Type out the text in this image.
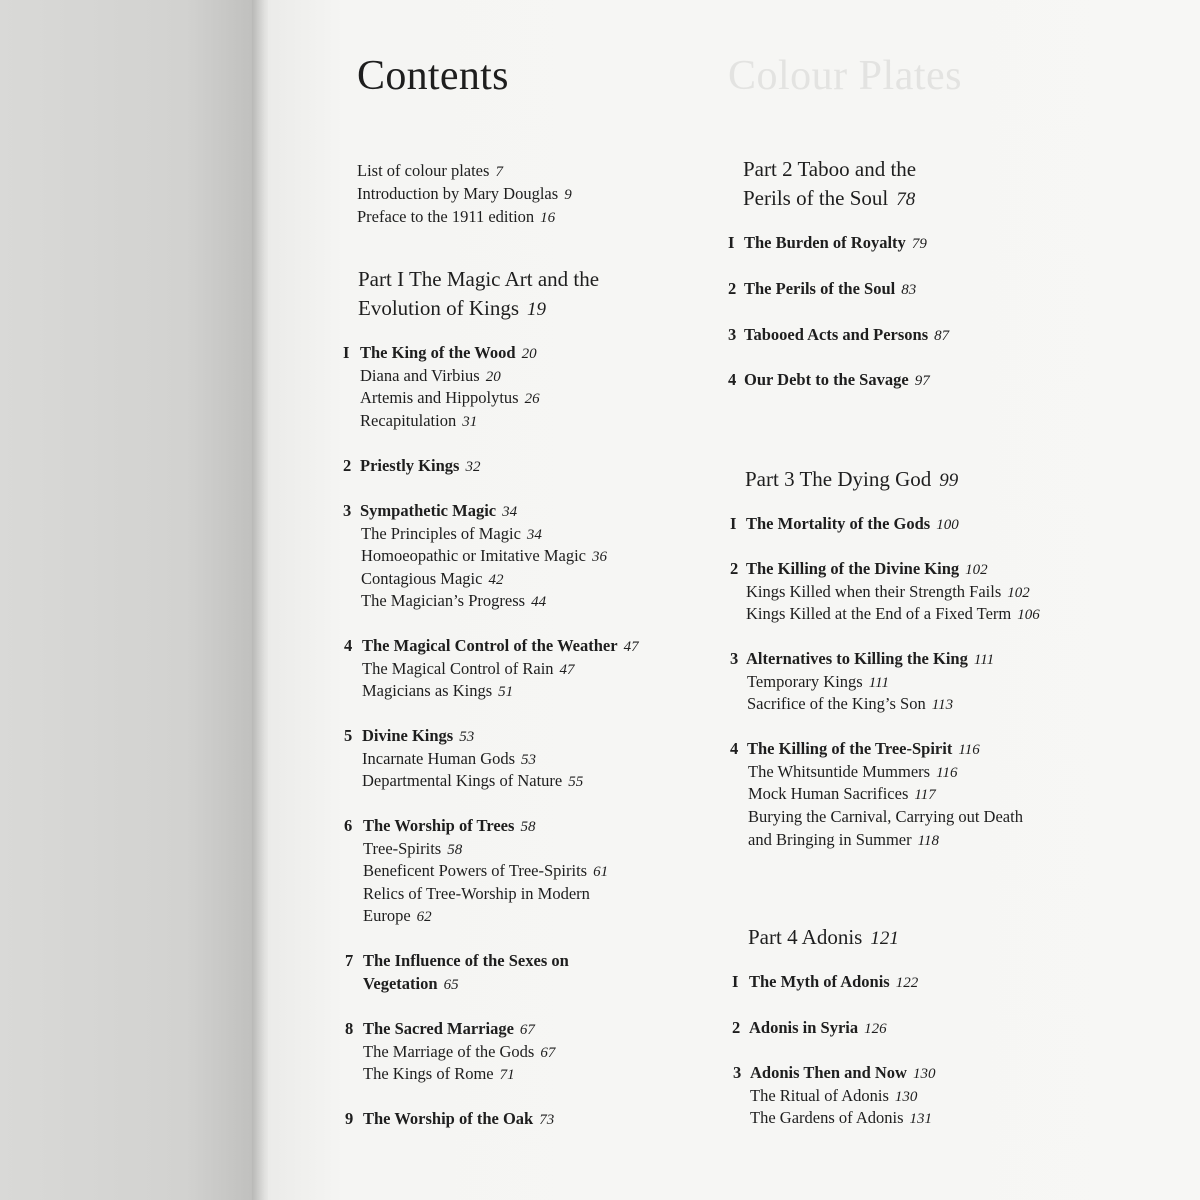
Colour Plates
Contents
List of colour plates 7
Introduction by Mary Douglas 9
Preface to the 1911 edition 16
Part I The Magic Art and the
Evolution of Kings 19
I The King of the Wood 20
Diana and Virbius 20
Artemis and Hippolytus 26
Recapitulation 31
2 Priestly Kings 32
3 Sympathetic Magic 34
The Principles of Magic 34
Homoeopathic or Imitative Magic 36
Contagious Magic 42
The Magician’s Progress 44
4 The Magical Control of the Weather 47
The Magical Control of Rain 47
Magicians as Kings 51
5 Divine Kings 53
Incarnate Human Gods 53
Departmental Kings of Nature 55
6 The Worship of Trees 58
Tree-Spirits 58
Beneficent Powers of Tree-Spirits 61
Relics of Tree-Worship in Modern
Europe 62
7 The Influence of the Sexes on
Vegetation 65
8 The Sacred Marriage 67
The Marriage of the Gods 67
The Kings of Rome 71
9 The Worship of the Oak 73
Part 2 Taboo and the
Perils of the Soul 78
I The Burden of Royalty 79
2 The Perils of the Soul 83
3 Tabooed Acts and Persons 87
4 Our Debt to the Savage 97
Part 3 The Dying God 99
I The Mortality of the Gods 100
2 The Killing of the Divine King 102
Kings Killed when their Strength Fails 102
Kings Killed at the End of a Fixed Term 106
3 Alternatives to Killing the King 111
Temporary Kings 111
Sacrifice of the King’s Son 113
4 The Killing of the Tree-Spirit 116
The Whitsuntide Mummers 116
Mock Human Sacrifices 117
Burying the Carnival, Carrying out Death
and Bringing in Summer 118
Part 4 Adonis 121
I The Myth of Adonis 122
2 Adonis in Syria 126
3 Adonis Then and Now 130
The Ritual of Adonis 130
The Gardens of Adonis 131
